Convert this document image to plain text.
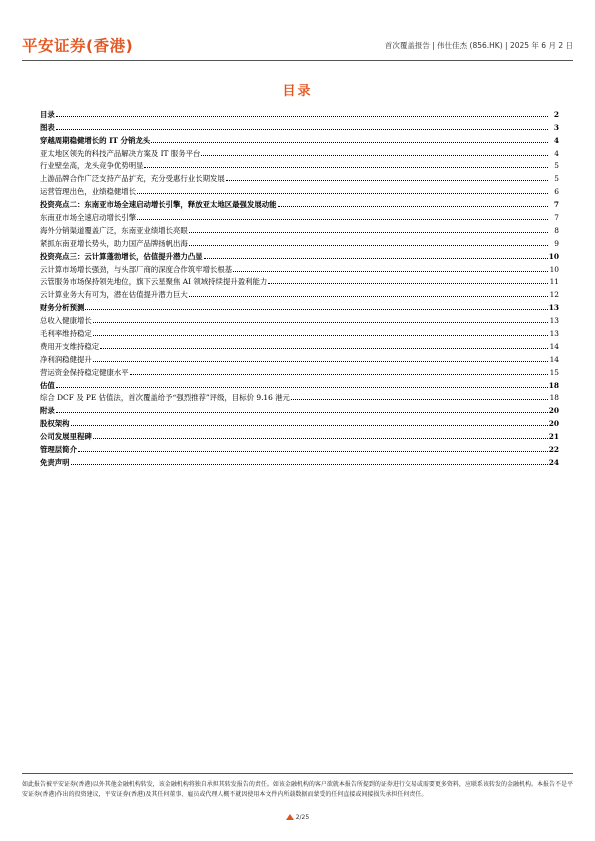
平安证券(香港)	首次覆盖报告 | 伟仕佳杰 (856.HK) | 2025 年 6 月 2 日
目录
目录	2
图表	3
穿越周期稳健增长的 IT 分销龙头	4
亚太地区领先的科技产品解决方案及 IT 服务平台	4
行业壁垒高，龙头竞争优势明显	5
上游品牌合作广泛支持产品扩充，充分受惠行业长期发展	5
运营管理出色，业绩稳健增长	6
投资亮点二：东南亚市场全速启动增长引擎，释放亚太地区最强发展动能	7
东南亚市场全速启动增长引擎	7
海外分销渠道覆盖广泛，东南亚业绩增长亮眼	8
紧抓东南亚增长势头，助力国产品牌扬帆出海	9
投资亮点三：云计算蓬勃增长，估值提升潜力凸显	10
云计算市场增长强劲，与头部厂商的深度合作筑牢增长根基	10
云管服务市场保持领先地位，旗下云星聚焦 AI 领域持续提升盈利能力	11
云计算业务大有可为，潜在估值提升潜力巨大	12
财务分析预测	13
总收入健康增长	13
毛利率维持稳定	13
费用开支维持稳定	14
净利润稳健提升	14
营运资金保持稳定健康水平	15
估值	18
综合 DCF 及 PE 估值法，首次覆盖给予“强烈推荐”评级，目标价 9.16 港元	18
附录	20
股权架构	20
公司发展里程碑	21
管理层简介	22
免责声明	24

如此报告被平安证券(香港)以外其他金融机构转发，该金融机构将独自承担其转发报告的责任。如该金融机构的客户欲就本报告所提到的证券进行交易或需要更多资料，应联系该转发的金融机构。本报告不是平安证券(香港)作出的投资建议，平安证券(香港)及其任何董事、雇员或代理人概不就因使用本文件内所载数据而蒙受的任何直接或间接损失承担任何责任。

2/25
